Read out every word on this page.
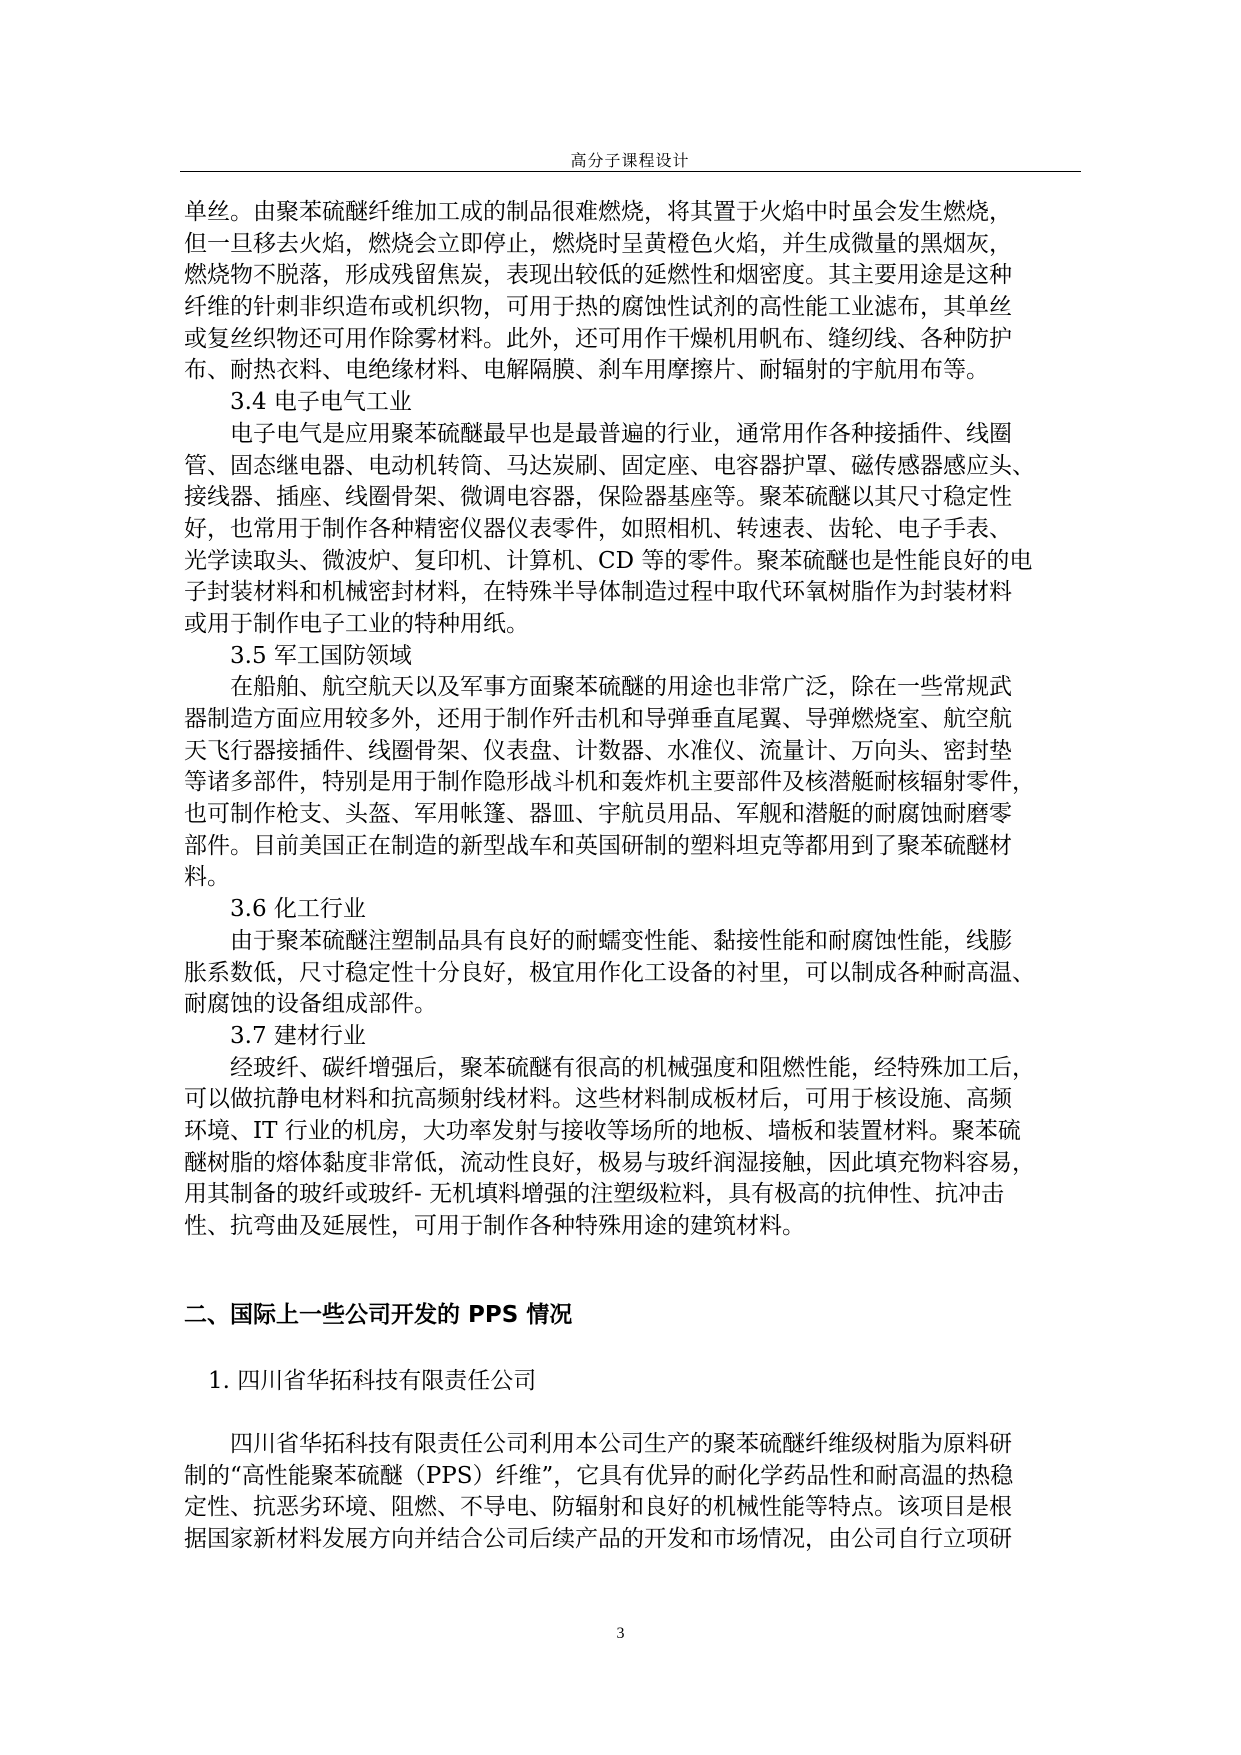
高分子课程设计
单丝。由聚苯硫醚纤维加工成的制品很难燃烧，将其置于火焰中时虽会发生燃烧，
但一旦移去火焰，燃烧会立即停止，燃烧时呈黄橙色火焰，并生成微量的黑烟灰，
燃烧物不脱落，形成残留焦炭，表现出较低的延燃性和烟密度。其主要用途是这种
纤维的针刺非织造布或机织物，可用于热的腐蚀性试剂的高性能工业滤布，其单丝
或复丝织物还可用作除雾材料。此外，还可用作干燥机用帆布、缝纫线、各种防护
布、耐热衣料、电绝缘材料、电解隔膜、刹车用摩擦片、耐辐射的宇航用布等。
3.4 电子电气工业
电子电气是应用聚苯硫醚最早也是最普遍的行业，通常用作各种接插件、线圈
管、固态继电器、电动机转筒、马达炭刷、固定座、电容器护罩、磁传感器感应头、
接线器、插座、线圈骨架、微调电容器，保险器基座等。聚苯硫醚以其尺寸稳定性
好，也常用于制作各种精密仪器仪表零件，如照相机、转速表、齿轮、电子手表、
光学读取头、微波炉、复印机、计算机、CD 等的零件。聚苯硫醚也是性能良好的电
子封装材料和机械密封材料，在特殊半导体制造过程中取代环氧树脂作为封装材料
或用于制作电子工业的特种用纸。
3.5 军工国防领域
在船舶、航空航天以及军事方面聚苯硫醚的用途也非常广泛，除在一些常规武
器制造方面应用较多外，还用于制作歼击机和导弹垂直尾翼、导弹燃烧室、航空航
天飞行器接插件、线圈骨架、仪表盘、计数器、水准仪、流量计、万向头、密封垫
等诸多部件，特别是用于制作隐形战斗机和轰炸机主要部件及核潜艇耐核辐射零件，
也可制作枪支、头盔、军用帐篷、器皿、宇航员用品、军舰和潜艇的耐腐蚀耐磨零
部件。目前美国正在制造的新型战车和英国研制的塑料坦克等都用到了聚苯硫醚材
料。
3.6 化工行业
由于聚苯硫醚注塑制品具有良好的耐蠕变性能、黏接性能和耐腐蚀性能，线膨
胀系数低，尺寸稳定性十分良好，极宜用作化工设备的衬里，可以制成各种耐高温、
耐腐蚀的设备组成部件。
3.7 建材行业
经玻纤、碳纤增强后，聚苯硫醚有很高的机械强度和阻燃性能，经特殊加工后，
可以做抗静电材料和抗高频射线材料。这些材料制成板材后，可用于核设施、高频
环境、IT 行业的机房，大功率发射与接收等场所的地板、墙板和装置材料。聚苯硫
醚树脂的熔体黏度非常低，流动性良好，极易与玻纤润湿接触，因此填充物料容易，
用其制备的玻纤或玻纤- 无机填料增强的注塑级粒料，具有极高的抗伸性、抗冲击
性、抗弯曲及延展性，可用于制作各种特殊用途的建筑材料。
二、国际上一些公司开发的 PPS 情况
1. 四川省华拓科技有限责任公司
四川省华拓科技有限责任公司利用本公司生产的聚苯硫醚纤维级树脂为原料研
制的“高性能聚苯硫醚（PPS）纤维”，它具有优异的耐化学药品性和耐高温的热稳
定性、抗恶劣环境、阻燃、不导电、防辐射和良好的机械性能等特点。该项目是根
据国家新材料发展方向并结合公司后续产品的开发和市场情况，由公司自行立项研
3
